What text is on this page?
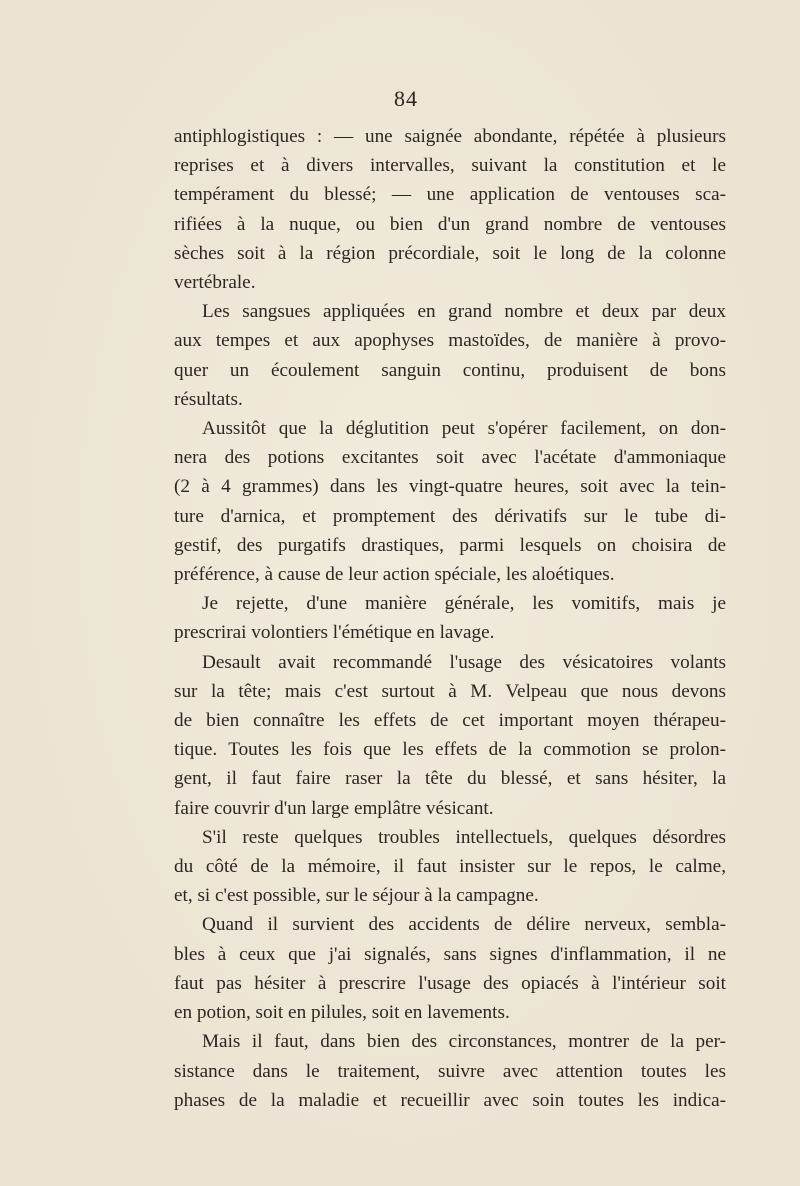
84

antiphlogistiques : — une saignée abondante, répétée à plusieurs
reprises et à divers intervalles, suivant la constitution et le
tempérament du blessé; — une application de ventouses sca-
rifiées à la nuque, ou bien d'un grand nombre de ventouses
sèches soit à la région précordiale, soit le long de la colonne
vertébrale.

Les sangsues appliquées en grand nombre et deux par deux
aux tempes et aux apophyses mastoïdes, de manière à provo-
quer un écoulement sanguin continu, produisent de bons
résultats.

Aussitôt que la déglutition peut s'opérer facilement, on don-
nera des potions excitantes soit avec l'acétate d'ammoniaque
(2 à 4 grammes) dans les vingt-quatre heures, soit avec la tein-
ture d'arnica, et promptement des dérivatifs sur le tube di-
gestif, des purgatifs drastiques, parmi lesquels on choisira de
préférence, à cause de leur action spéciale, les aloétiques.

Je rejette, d'une manière générale, les vomitifs, mais je
prescrirai volontiers l'émétique en lavage.

Desault avait recommandé l'usage des vésicatoires volants
sur la tête; mais c'est surtout à M. Velpeau que nous devons
de bien connaître les effets de cet important moyen thérapeu-
tique. Toutes les fois que les effets de la commotion se prolon-
gent, il faut faire raser la tête du blessé, et sans hésiter, la
faire couvrir d'un large emplâtre vésicant.

S'il reste quelques troubles intellectuels, quelques désordres
du côté de la mémoire, il faut insister sur le repos, le calme,
et, si c'est possible, sur le séjour à la campagne.

Quand il survient des accidents de délire nerveux, sembla-
bles à ceux que j'ai signalés, sans signes d'inflammation, il ne
faut pas hésiter à prescrire l'usage des opiacés à l'intérieur soit
en potion, soit en pilules, soit en lavements.

Mais il faut, dans bien des circonstances, montrer de la per-
sistance dans le traitement, suivre avec attention toutes les
phases de la maladie et recueillir avec soin toutes les indica-
